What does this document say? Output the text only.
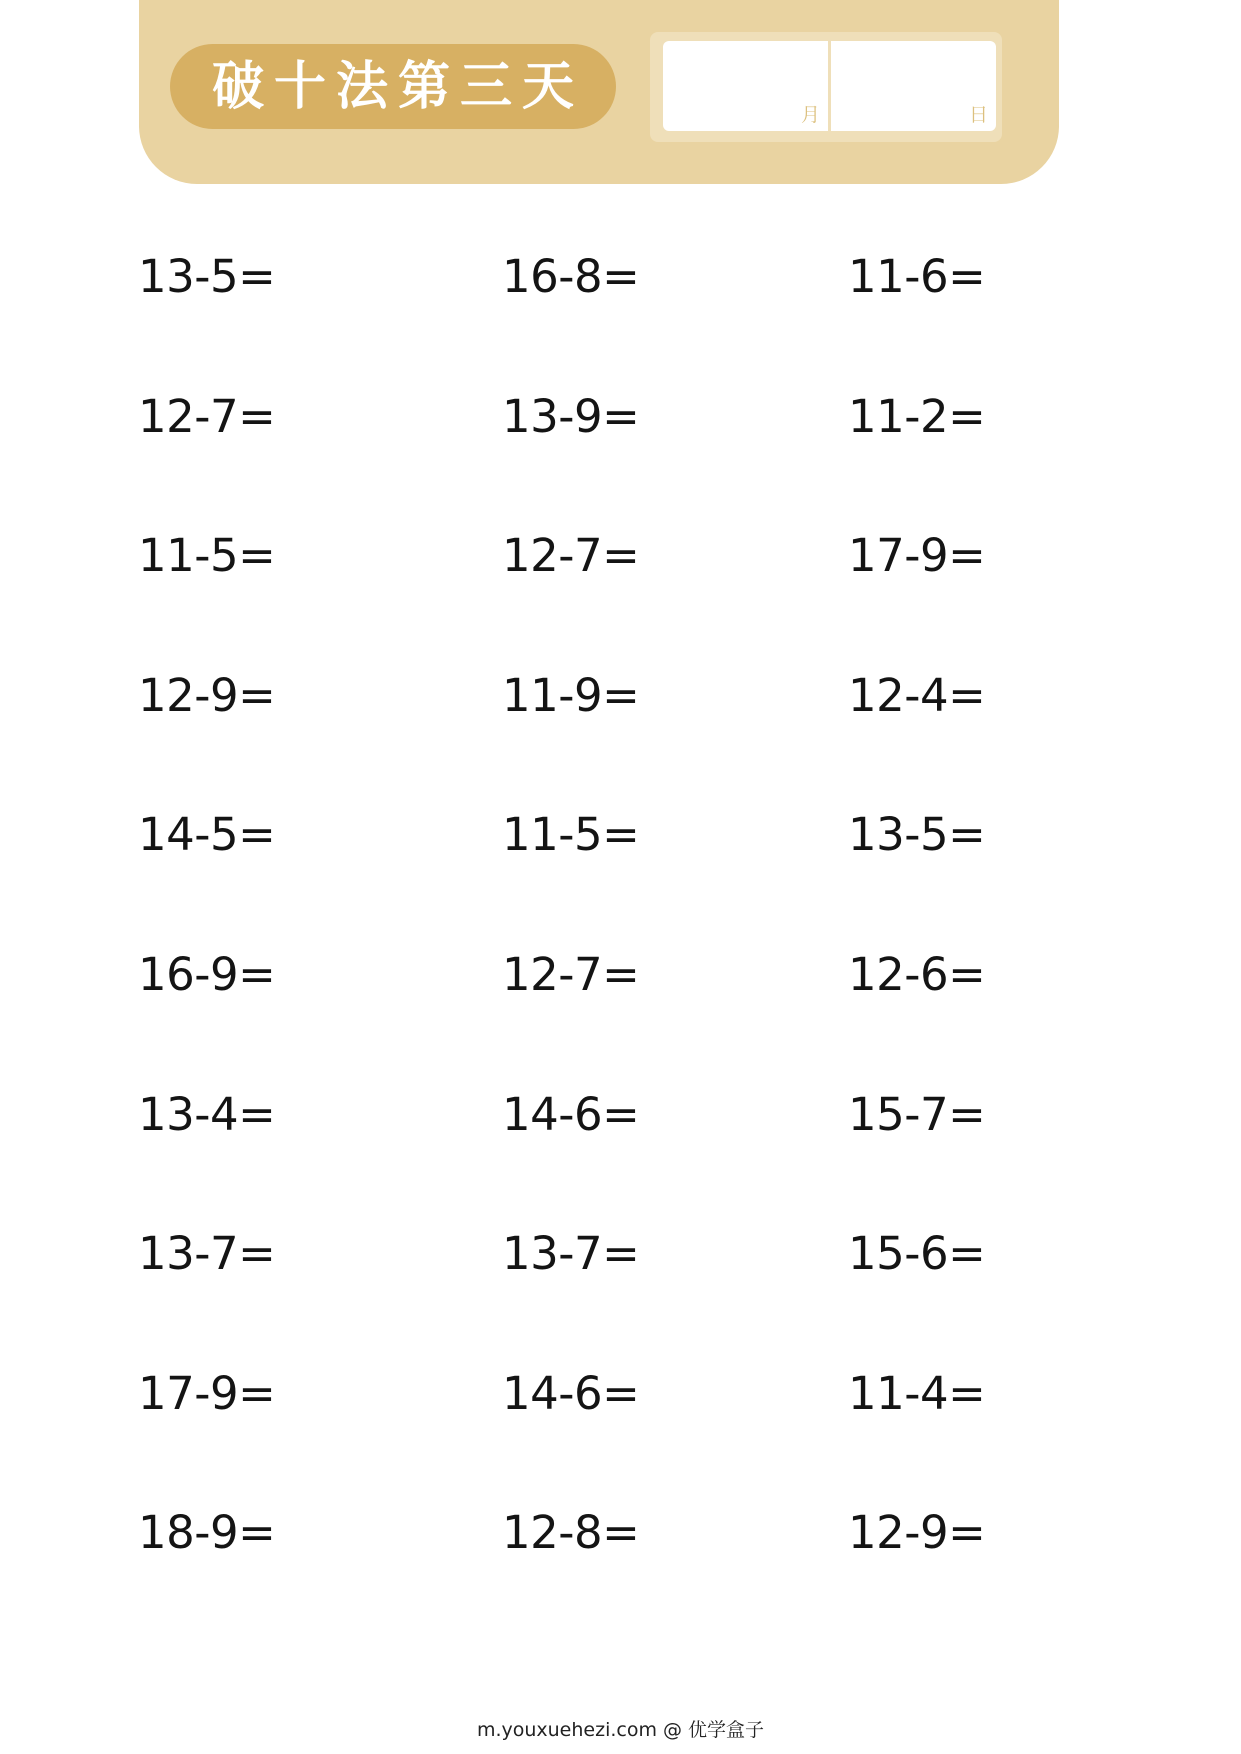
破十法第三天	月	日
13-5=	16-8=	11-6=
12-7=	13-9=	11-2=
11-5=	12-7=	17-9=
12-9=	11-9=	12-4=
14-5=	11-5=	13-5=
16-9=	12-7=	12-6=
13-4=	14-6=	15-7=
13-7=	13-7=	15-6=
17-9=	14-6=	11-4=
18-9=	12-8=	12-9=
m.youxuehezi.com @ 优学盒子
